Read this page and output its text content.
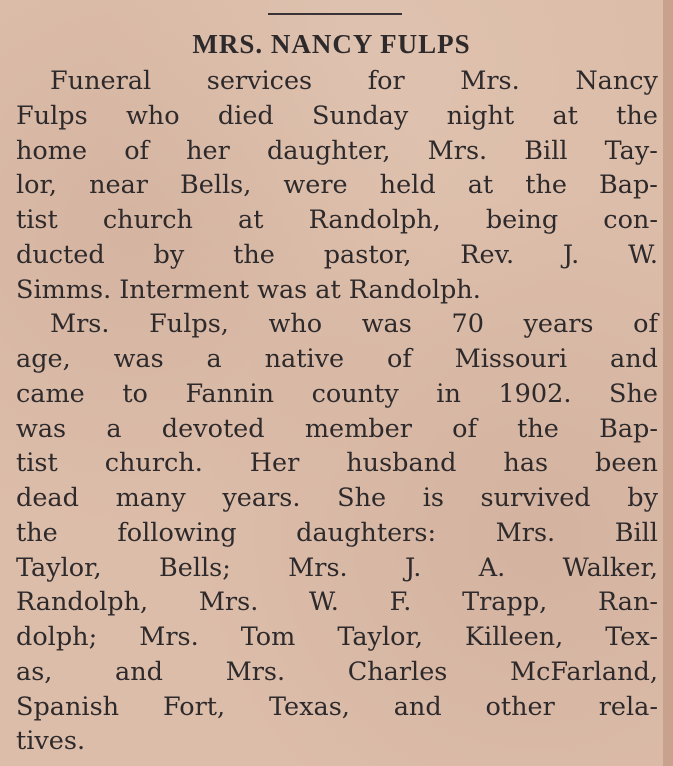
MRS. NANCY FULPS
Funeral services for Mrs. Nancy
Fulps who died Sunday night at the
home of her daughter, Mrs. Bill Tay-
lor, near Bells, were held at the Bap-
tist church at Randolph, being con-
ducted by the pastor, Rev. J. W.
Simms. Interment was at Randolph.
Mrs. Fulps, who was 70 years of
age, was a native of Missouri and
came to Fannin county in 1902. She
was a devoted member of the Bap-
tist church. Her husband has been
dead many years. She is survived by
the following daughters: Mrs. Bill
Taylor, Bells; Mrs. J. A. Walker,
Randolph, Mrs. W. F. Trapp, Ran-
dolph; Mrs. Tom Taylor, Killeen, Tex-
as, and Mrs. Charles McFarland,
Spanish Fort, Texas, and other rela-
tives.
